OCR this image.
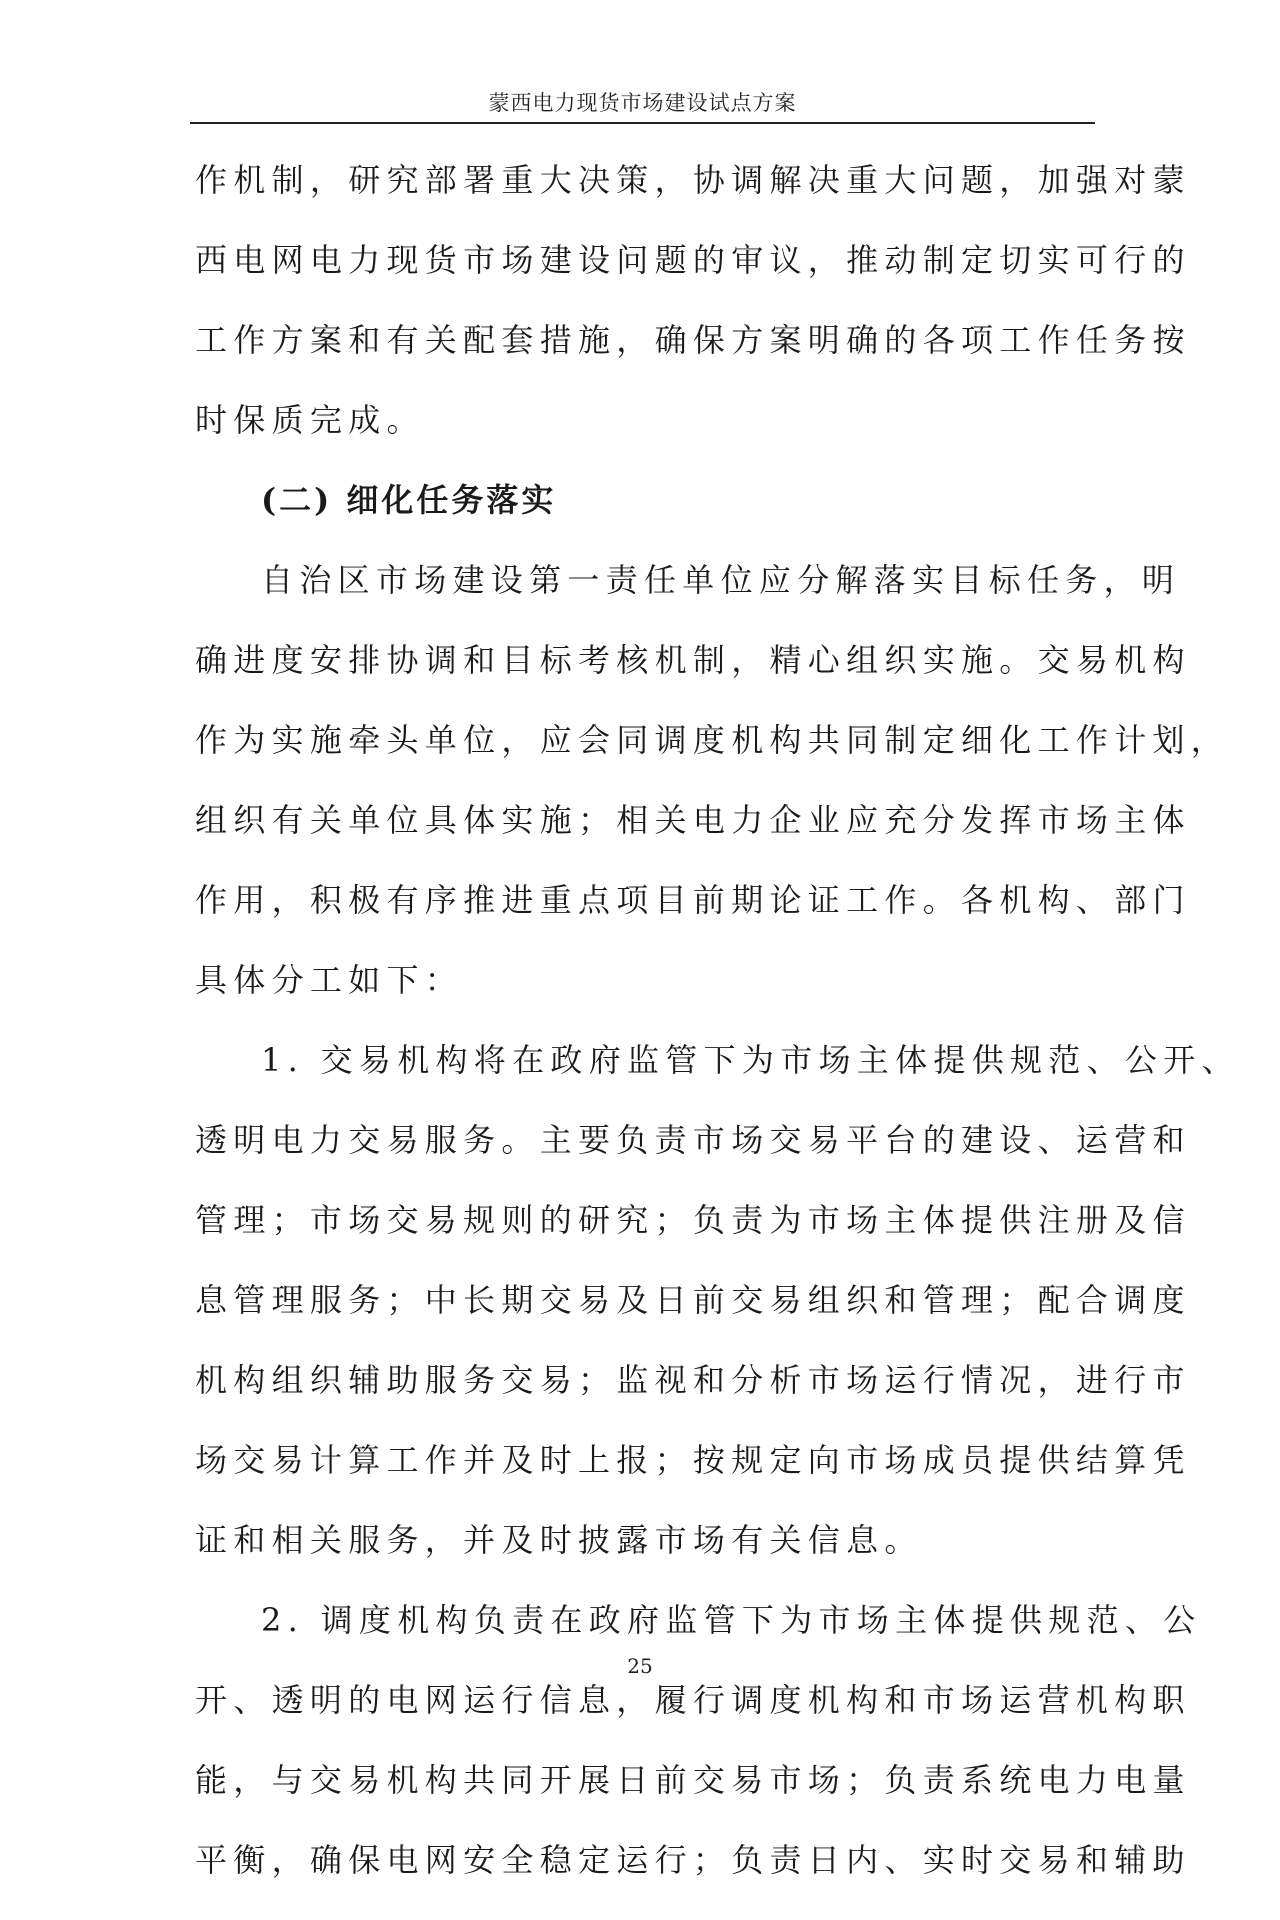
蒙西电力现货市场建设试点方案
作机制，研究部署重大决策，协调解决重大问题，加强对蒙
西电网电力现货市场建设问题的审议，推动制定切实可行的
工作方案和有关配套措施，确保方案明确的各项工作任务按
时保质完成。
(二) 细化任务落实
自治区市场建设第一责任单位应分解落实目标任务，明
确进度安排协调和目标考核机制，精心组织实施。交易机构
作为实施牵头单位，应会同调度机构共同制定细化工作计划，
组织有关单位具体实施；相关电力企业应充分发挥市场主体
作用，积极有序推进重点项目前期论证工作。各机构、部门
具体分工如下：
1. 交易机构将在政府监管下为市场主体提供规范、公开、
透明电力交易服务。主要负责市场交易平台的建设、运营和
管理；市场交易规则的研究；负责为市场主体提供注册及信
息管理服务；中长期交易及日前交易组织和管理；配合调度
机构组织辅助服务交易；监视和分析市场运行情况，进行市
场交易计算工作并及时上报；按规定向市场成员提供结算凭
证和相关服务，并及时披露市场有关信息。
2. 调度机构负责在政府监管下为市场主体提供规范、公
开、透明的电网运行信息，履行调度机构和市场运营机构职
能，与交易机构共同开展日前交易市场；负责系统电力电量
平衡，确保电网安全稳定运行；负责日内、实时交易和辅助
25
